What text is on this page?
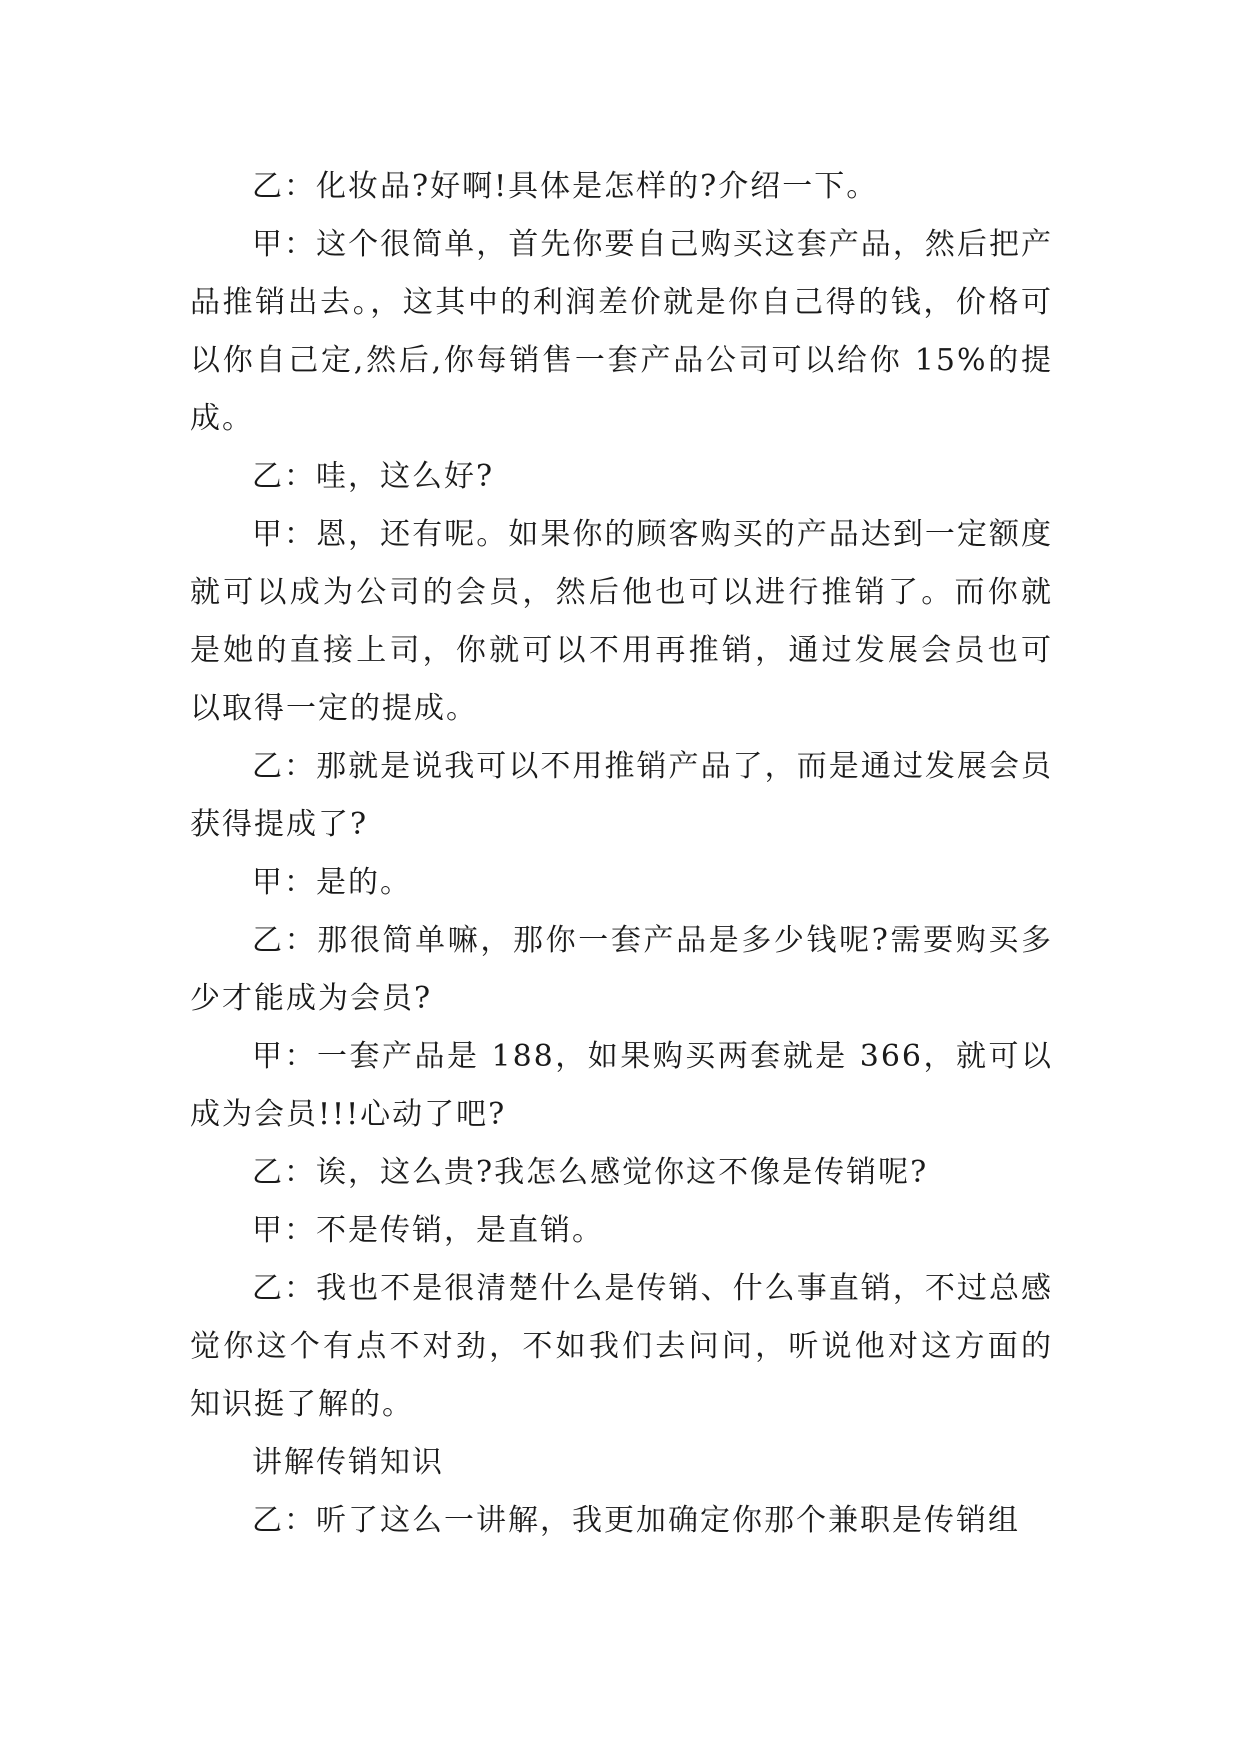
乙：化妆品?好啊!具体是怎样的?介绍一下。

甲：这个很简单，首先你要自己购买这套产品，然后把产品推销出去。，这其中的利润差价就是你自己得的钱，价格可以你自己定,然后,你每销售一套产品公司可以给你 15%的提成。

乙：哇，这么好?

甲：恩，还有呢。如果你的顾客购买的产品达到一定额度就可以成为公司的会员，然后他也可以进行推销了。而你就是她的直接上司，你就可以不用再推销，通过发展会员也可以取得一定的提成。

乙：那就是说我可以不用推销产品了，而是通过发展会员获得提成了?

甲：是的。

乙：那很简单嘛，那你一套产品是多少钱呢?需要购买多少才能成为会员?

甲：一套产品是 188，如果购买两套就是 366，就可以成为会员!!!心动了吧?

乙：诶，这么贵?我怎么感觉你这不像是传销呢?

甲：不是传销，是直销。

乙：我也不是很清楚什么是传销、什么事直销，不过总感觉你这个有点不对劲，不如我们去问问，听说他对这方面的知识挺了解的。

讲解传销知识

乙：听了这么一讲解，我更加确定你那个兼职是传销组
